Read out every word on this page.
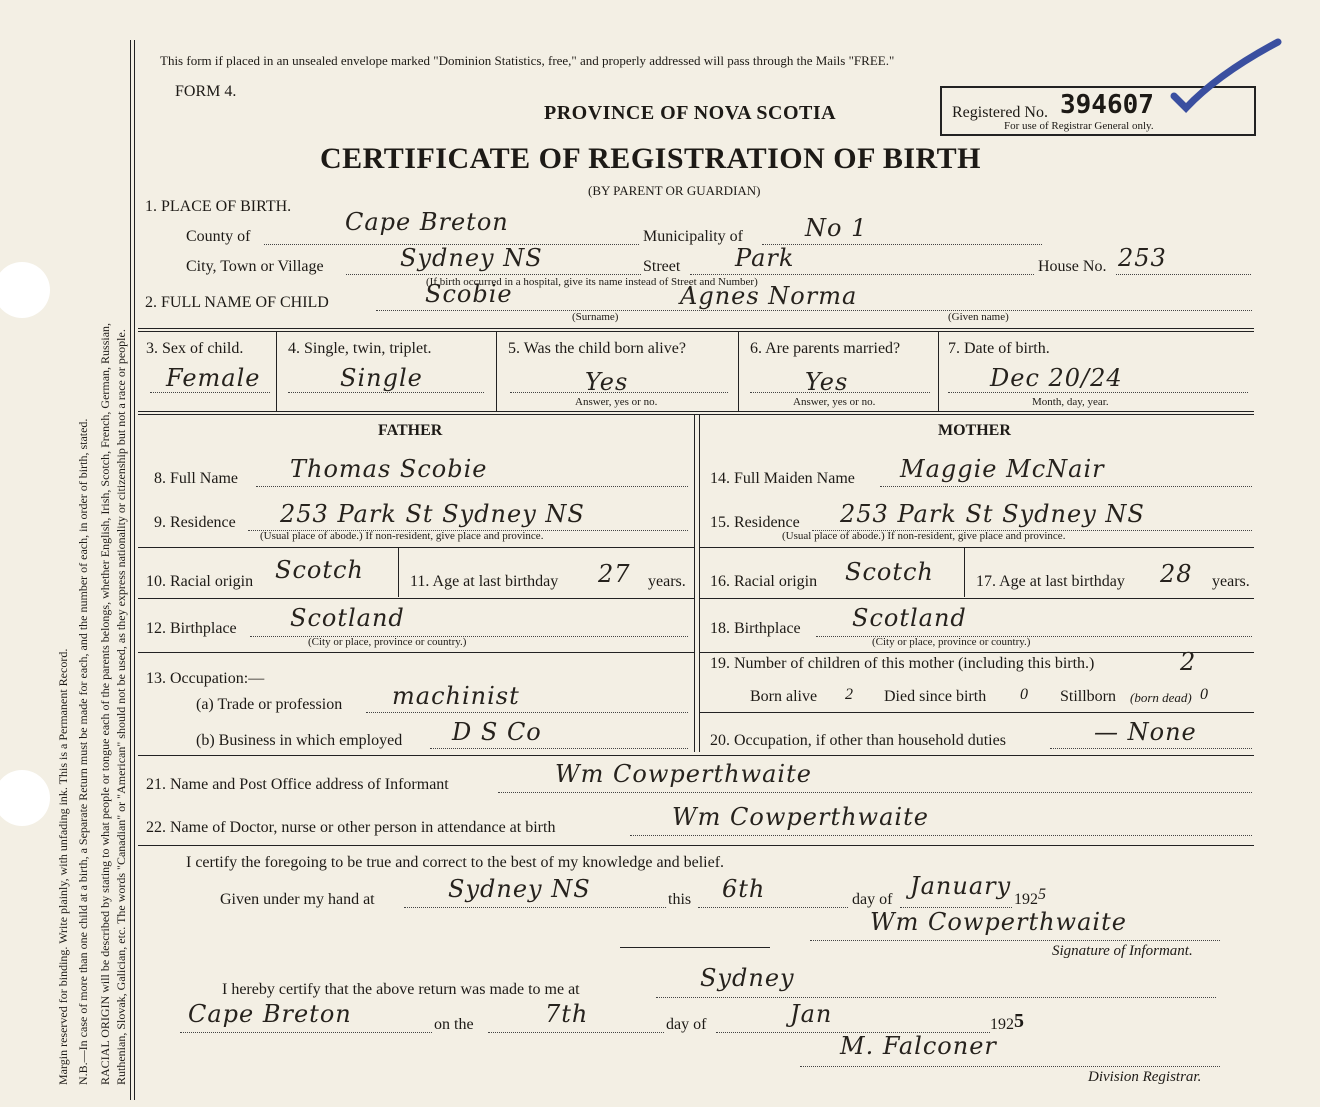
Margin reserved for binding. Write plainly, with unfading ink. This is a Permanent Record. N.B.—In case of more than one child at a birth, a Separate Return must be made for each, and the number of each, in order of birth, stated. RACIAL ORIGIN will be described by stating to what people or tongue each of the parents belongs, whether English, Irish, Scotch, French, German, Russian, Ruthenian, Slovak, Galician, etc. The words "Canadian" or "American" should not be used, as they express nationality or citizenship but not a race or people.
This form if placed in an unsealed envelope marked "Dominion Statistics, free," and properly addressed will pass through the Mails "FREE."
FORM 4.
PROVINCE OF NOVA SCOTIA
CERTIFICATE OF REGISTRATION OF BIRTH
(BY PARENT OR GUARDIAN)
Registered No. 394607
For use of Registrar General only.
1. PLACE OF BIRTH.
County of
Cape Breton
Municipality of	No 1
City, Town or Village	Sydney NS	Street Park	House No. 253
(If birth occurred in a hospital, give its name instead of Street and Number)
2. FULL NAME OF CHILD	Scobie	Agnes Norma
(Surname)	(Given name)
3. Sex of child.
Female
4. Single, twin, triplet.
Single
5. Was the child born alive?
Yes
Answer, yes or no.
6. Are parents married?
Yes
Answer, yes or no.
7. Date of birth.
Dec 20/24
Month, day, year.
FATHER	MOTHER
8. Full Name Thomas Scobie
9. Residence 253 Park St Sydney NS
(Usual place of abode.) If non-resident, give place and province.
10. Racial origin Scotch	11. Age at last birthday 27 years.
12. Birthplace Scotland
(City or place, province or country.)
13. Occupation:—
(a) Trade or profession machinist
(b) Business in which employed D S Co
14. Full Maiden Name Maggie McNair
15. Residence 253 Park St Sydney NS
(Usual place of abode.) If non-resident, give place and province.
16. Racial origin Scotch	17. Age at last birthday 28 years.
18. Birthplace Scotland
(City or place, province or country.)
19. Number of children of this mother (including this birth.)	2
Born alive 2 Died since birth 0 Stillborn (born dead) 0
20. Occupation, if other than household duties	— None
21. Name and Post Office address of Informant	Wm Cowperthwaite
22. Name of Doctor, nurse or other person in attendance at birth	Wm Cowperthwaite
I certify the foregoing to be true and correct to the best of my knowledge and belief.
Given under my hand at	Sydney NS	this 6th	day of January 192 5
Wm Cowperthwaite
Signature of Informant.
I hereby certify that the above return was made to me at	Sydney
Cape Breton	on the	7th	day of	Jan	192 5
M. Falconer
Division Registrar.
